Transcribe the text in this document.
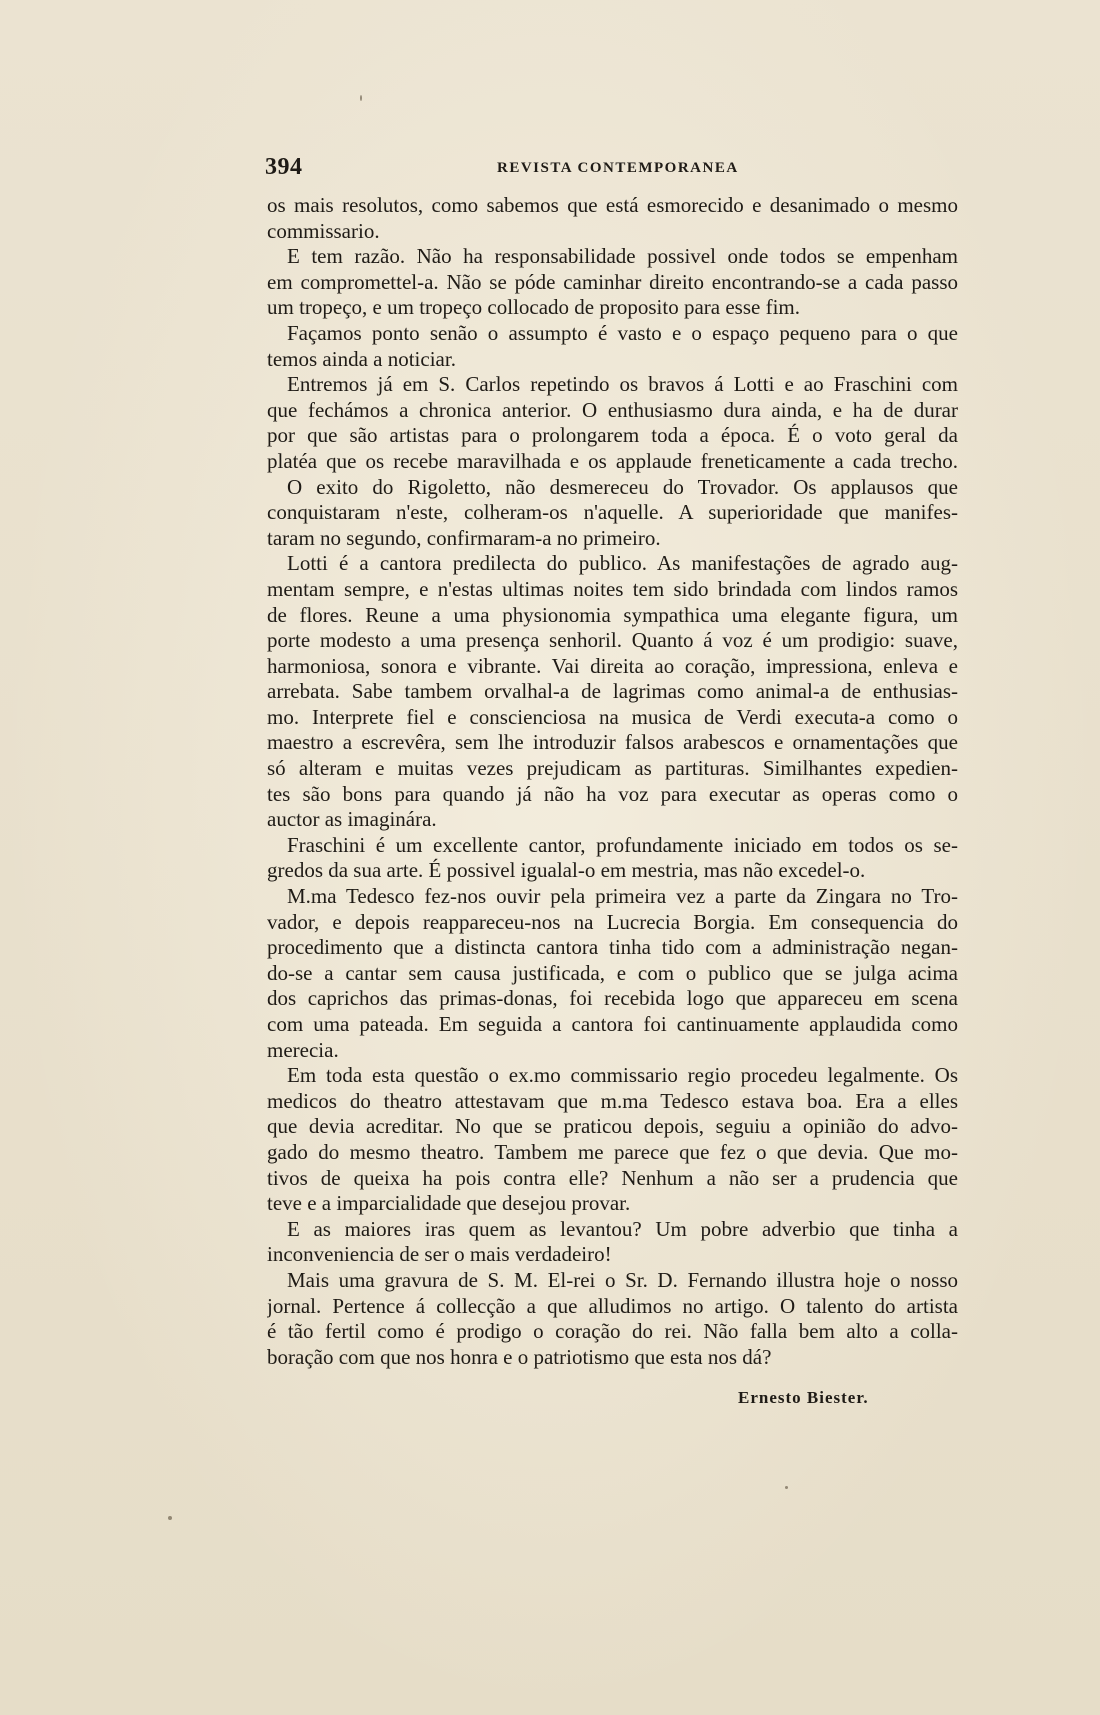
394	REVISTA CONTEMPORANEA
os mais resolutos, como sabemos que está esmorecido e desanimado o mesmo
commissario.
E tem razão. Não ha responsabilidade possivel onde todos se empenham
em compromettel-a. Não se póde caminhar direito encontrando-se a cada passo
um tropeço, e um tropeço collocado de proposito para esse fim.
Façamos ponto senão o assumpto é vasto e o espaço pequeno para o que
temos ainda a noticiar.
Entremos já em S. Carlos repetindo os bravos á Lotti e ao Fraschini com
que fechámos a chronica anterior. O enthusiasmo dura ainda, e ha de durar
por que são artistas para o prolongarem toda a época. É o voto geral da
platéa que os recebe maravilhada e os applaude freneticamente a cada trecho.
O exito do Rigoletto, não desmereceu do Trovador. Os applausos que
conquistaram n'este, colheram-os n'aquelle. A superioridade que manifes-
taram no segundo, confirmaram-a no primeiro.
Lotti é a cantora predilecta do publico. As manifestações de agrado aug-
mentam sempre, e n'estas ultimas noites tem sido brindada com lindos ramos
de flores. Reune a uma physionomia sympathica uma elegante figura, um
porte modesto a uma presença senhoril. Quanto á voz é um prodigio: suave,
harmoniosa, sonora e vibrante. Vai direita ao coração, impressiona, enleva e
arrebata. Sabe tambem orvalhal-a de lagrimas como animal-a de enthusias-
mo. Interprete fiel e conscienciosa na musica de Verdi executa-a como o
maestro a escrevêra, sem lhe introduzir falsos arabescos e ornamentações que
só alteram e muitas vezes prejudicam as partituras. Similhantes expedien-
tes são bons para quando já não ha voz para executar as operas como o
auctor as imaginára.
Fraschini é um excellente cantor, profundamente iniciado em todos os se-
gredos da sua arte. É possivel igualal-o em mestria, mas não excedel-o.
M.ma Tedesco fez-nos ouvir pela primeira vez a parte da Zingara no Tro-
vador, e depois reappareceu-nos na Lucrecia Borgia. Em consequencia do
procedimento que a distincta cantora tinha tido com a administração negan-
do-se a cantar sem causa justificada, e com o publico que se julga acima
dos caprichos das primas-donas, foi recebida logo que appareceu em scena
com uma pateada. Em seguida a cantora foi cantinuamente applaudida como
merecia.
Em toda esta questão o ex.mo commissario regio procedeu legalmente. Os
medicos do theatro attestavam que m.ma Tedesco estava boa. Era a elles
que devia acreditar. No que se praticou depois, seguiu a opinião do advo-
gado do mesmo theatro. Tambem me parece que fez o que devia. Que mo-
tivos de queixa ha pois contra elle? Nenhum a não ser a prudencia que
teve e a imparcialidade que desejou provar.
E as maiores iras quem as levantou? Um pobre adverbio que tinha a
inconveniencia de ser o mais verdadeiro!
Mais uma gravura de S. M. El-rei o Sr. D. Fernando illustra hoje o nosso
jornal. Pertence á collecção a que alludimos no artigo. O talento do artista
é tão fertil como é prodigo o coração do rei. Não falla bem alto a colla-
boração com que nos honra e o patriotismo que esta nos dá?
Ernesto Biester.
